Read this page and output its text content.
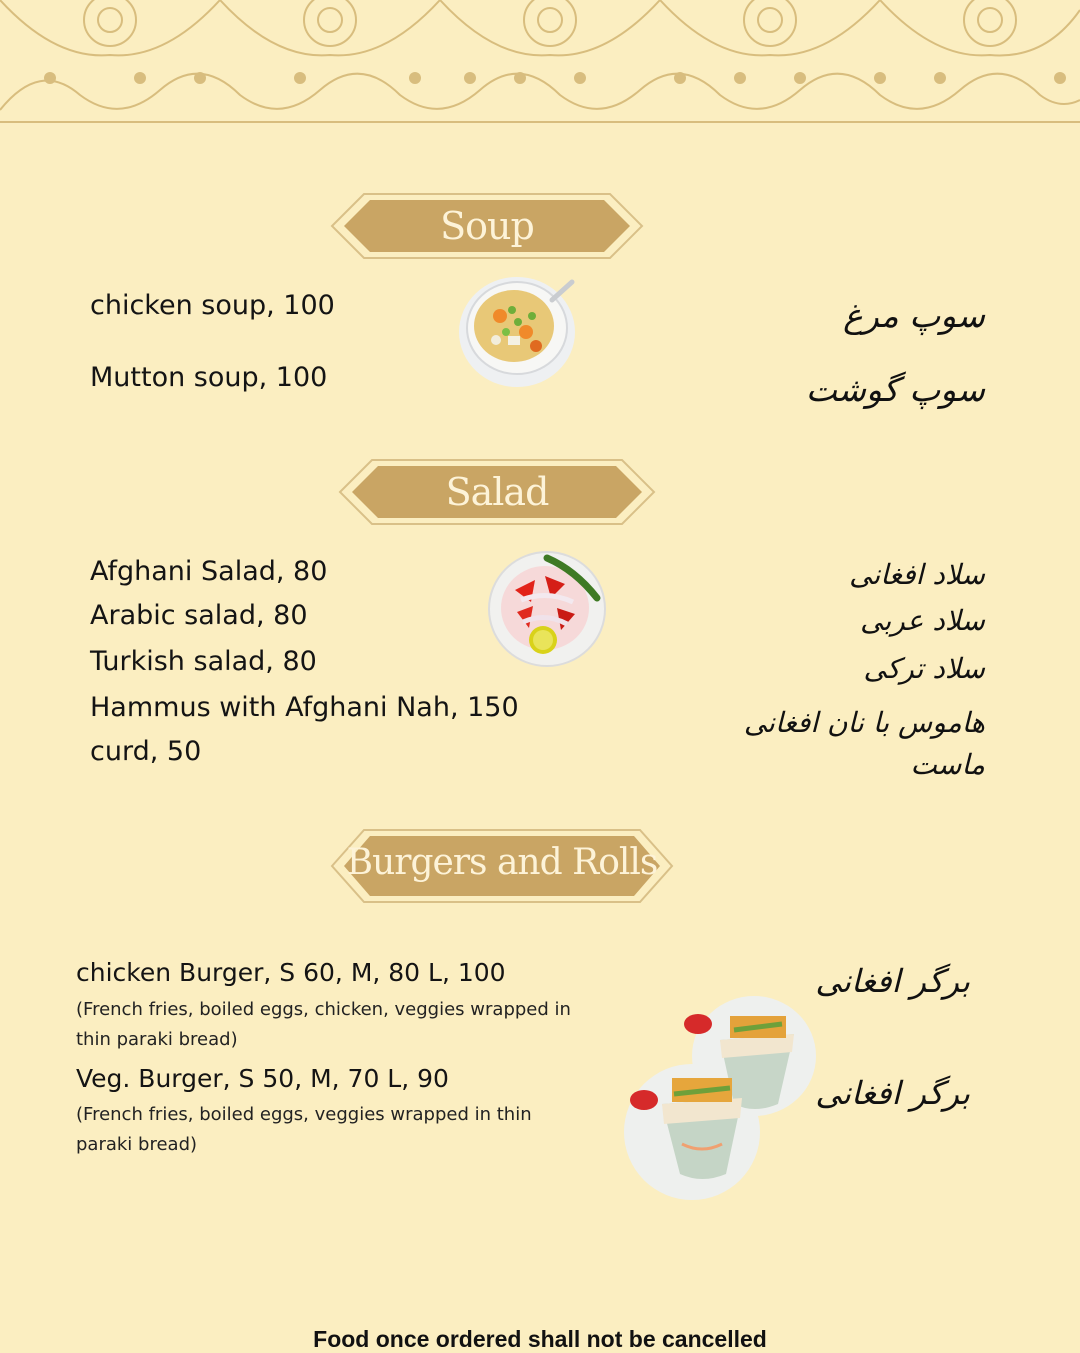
Soup
chicken soup, 100
Mutton soup, 100
سوپ مرغ
سوپ گوشت
Salad
Afghani Salad, 80
Arabic salad, 80
Turkish salad, 80
Hammus with Afghani Nah, 150
curd, 50
سلاد افغانی
سلاد عربی
سلاد ترکی
هاموس با نان افغانی
ماست
Burgers and Rolls
chicken Burger, S 60, M, 80 L, 100
(French fries, boiled eggs, chicken, veggies wrapped in thin paraki bread)
Veg. Burger, S 50, M, 70 L, 90
(French fries, boiled eggs, veggies wrapped in thin paraki bread)
برگر افغانی
برگر افغانی
Food once ordered shall not be cancelled
